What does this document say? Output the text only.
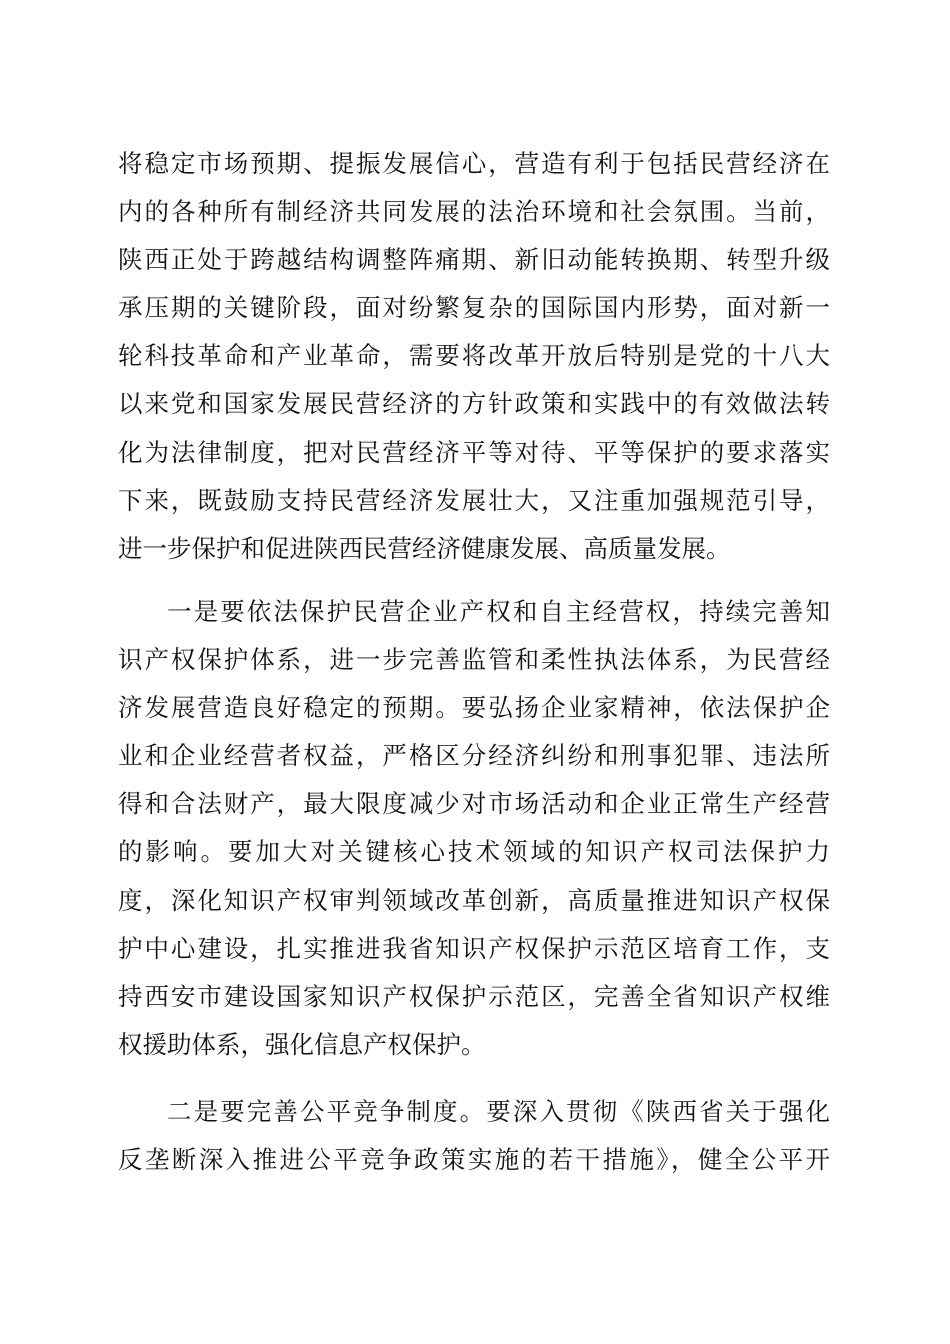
将稳定市场预期、提振发展信心，营造有利于包括民营经济在
内的各种所有制经济共同发展的法治环境和社会氛围。当前，
陕西正处于跨越结构调整阵痛期、新旧动能转换期、转型升级
承压期的关键阶段，面对纷繁复杂的国际国内形势，面对新一
轮科技革命和产业革命，需要将改革开放后特别是党的十八大
以来党和国家发展民营经济的方针政策和实践中的有效做法转
化为法律制度，把对民营经济平等对待、平等保护的要求落实
下来，既鼓励支持民营经济发展壮大，又注重加强规范引导，
进一步保护和促进陕西民营经济健康发展、高质量发展。
一是要依法保护民营企业产权和自主经营权，持续完善知
识产权保护体系，进一步完善监管和柔性执法体系，为民营经
济发展营造良好稳定的预期。要弘扬企业家精神，依法保护企
业和企业经营者权益，严格区分经济纠纷和刑事犯罪、违法所
得和合法财产，最大限度减少对市场活动和企业正常生产经营
的影响。要加大对关键核心技术领域的知识产权司法保护力
度，深化知识产权审判领域改革创新，高质量推进知识产权保
护中心建设，扎实推进我省知识产权保护示范区培育工作，支
持西安市建设国家知识产权保护示范区，完善全省知识产权维
权援助体系，强化信息产权保护。
二是要完善公平竞争制度。要深入贯彻《陕西省关于强化
反垄断深入推进公平竞争政策实施的若干措施》，健全公平开
